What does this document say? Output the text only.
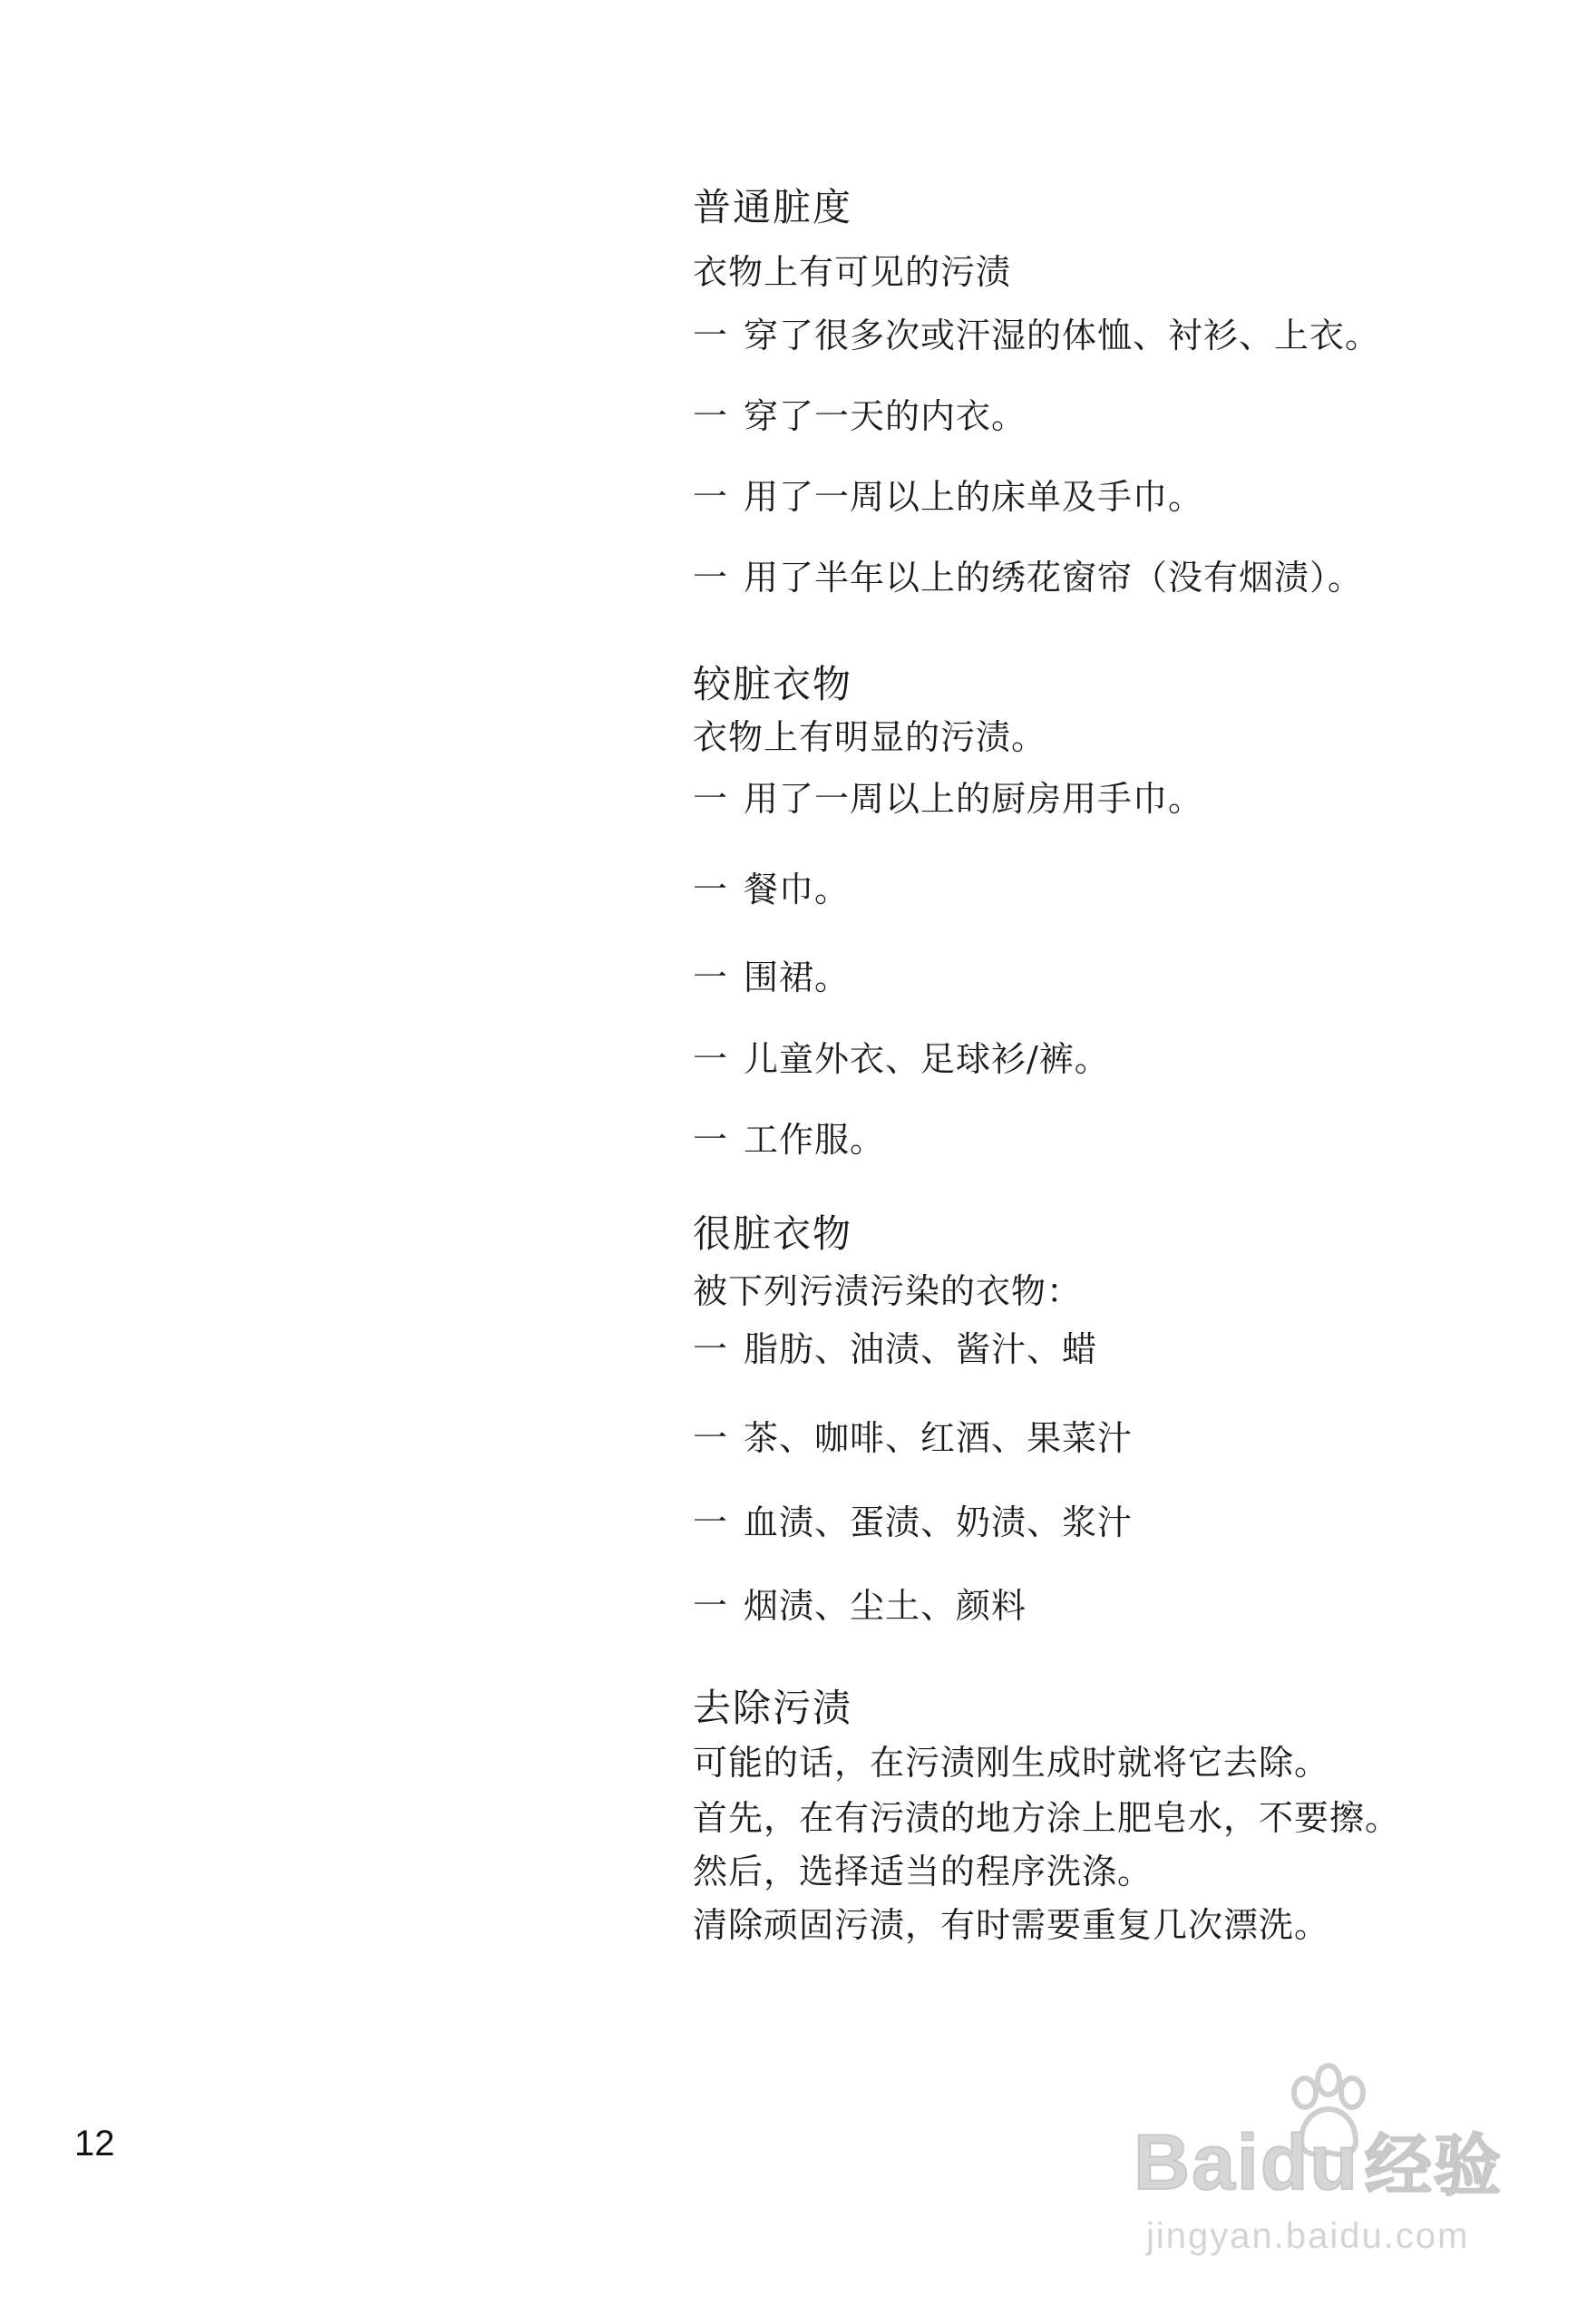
普通脏度
衣物上有可见的污渍
一 穿了很多次或汗湿的体恤、衬衫、上衣。
一 穿了一天的内衣。
一 用了一周以上的床单及手巾。
一 用了半年以上的绣花窗帘（没有烟渍）。
较脏衣物
衣物上有明显的污渍。
一 用了一周以上的厨房用手巾。
一 餐巾。
一 围裙。
一 儿童外衣、足球衫/裤。
一 工作服。
很脏衣物
被下列污渍污染的衣物：
一 脂肪、油渍、酱汁、蜡
一 茶、咖啡、红酒、果菜汁
一 血渍、蛋渍、奶渍、浆汁
一 烟渍、尘土、颜料
去除污渍
可能的话，在污渍刚生成时就将它去除。
首先，在有污渍的地方涂上肥皂水，不要擦。
然后，选择适当的程序洗涤。
清除顽固污渍，有时需要重复几次漂洗。
12	Baidu经验
jingyan.baidu.com
